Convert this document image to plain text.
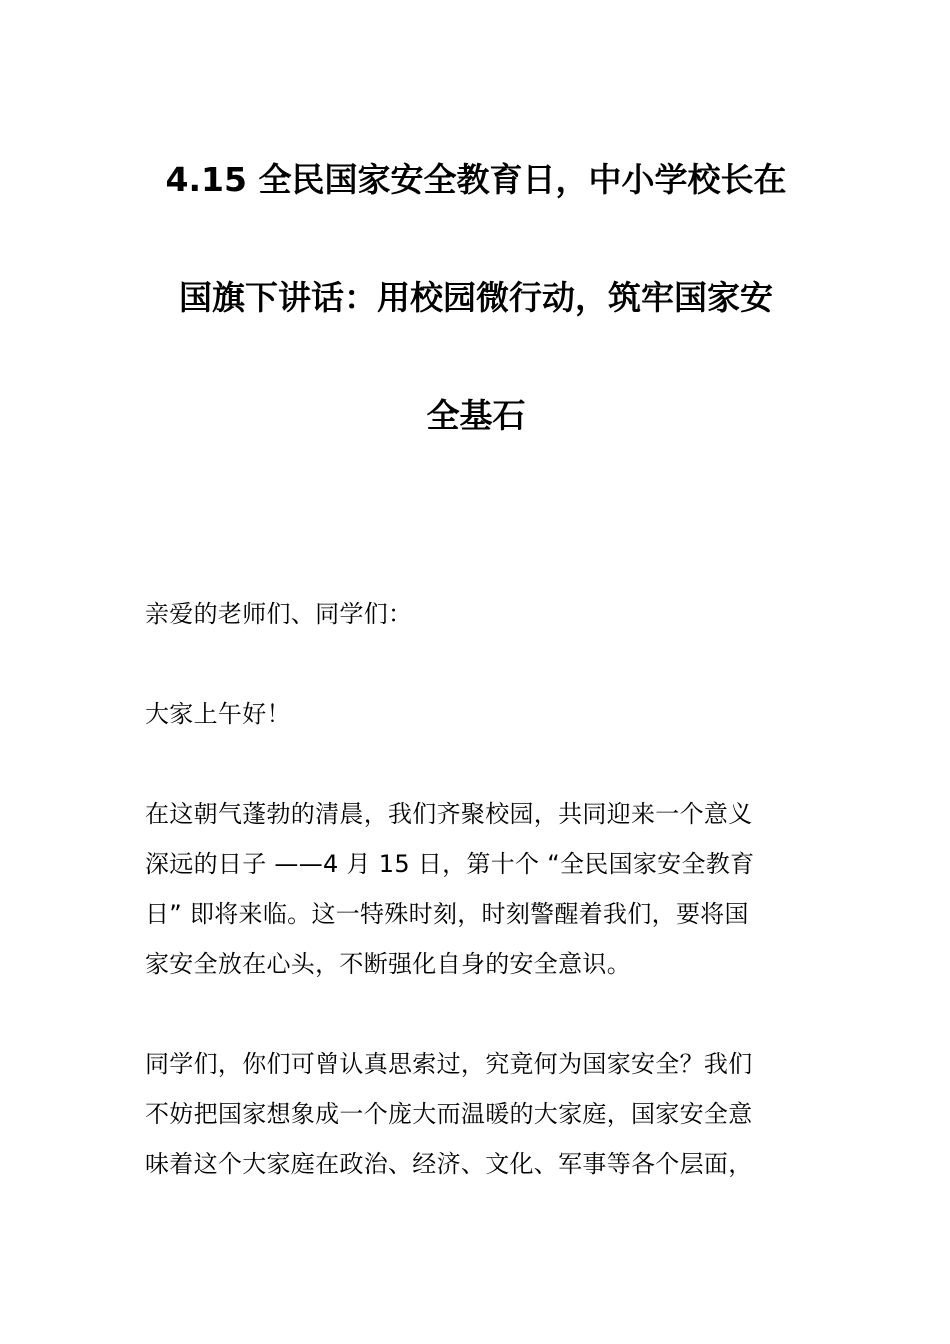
4.15 全民国家安全教育日，中小学校长在
国旗下讲话：用校园微行动，筑牢国家安
全基石

亲爱的老师们、同学们：

大家上午好！

在这朝气蓬勃的清晨，我们齐聚校园，共同迎来一个意义
深远的日子 ——4 月 15 日，第十个 “全民国家安全教育
日” 即将来临。这一特殊时刻，时刻警醒着我们，要将国
家安全放在心头，不断强化自身的安全意识。

同学们，你们可曾认真思索过，究竟何为国家安全？我们
不妨把国家想象成一个庞大而温暖的大家庭，国家安全意
味着这个大家庭在政治、经济、文化、军事等各个层面，
